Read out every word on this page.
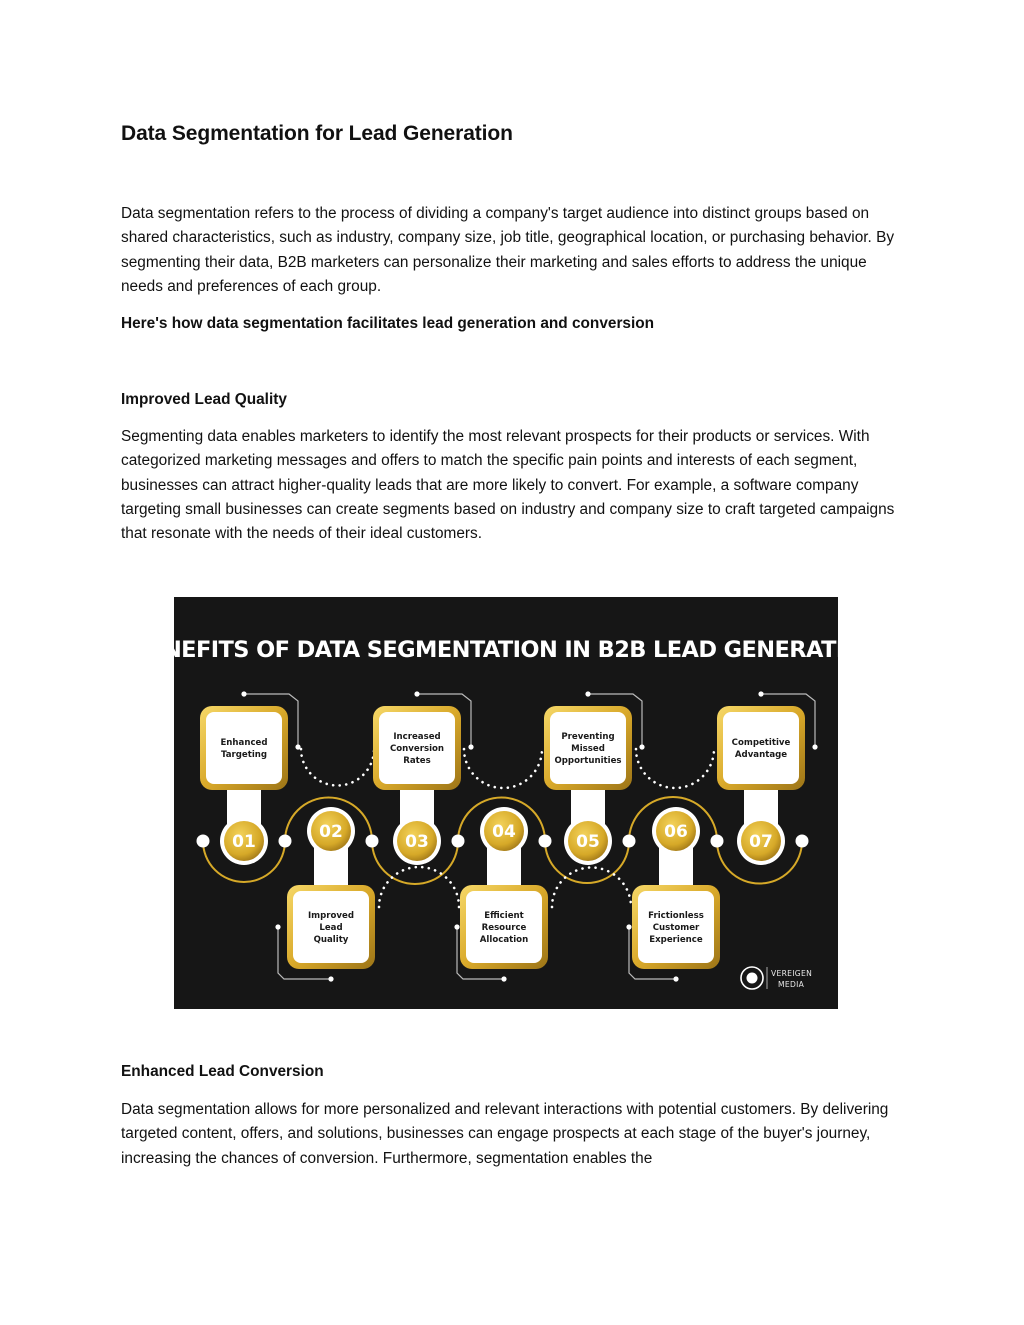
Data Segmentation for Lead Generation

Data segmentation refers to the process of dividing a company's target audience into distinct groups based on shared characteristics, such as industry, company size, job title, geographical location, or purchasing behavior. By segmenting their data, B2B marketers can personalize their marketing and sales efforts to address the unique needs and preferences of each group.

Here's how data segmentation facilitates lead generation and conversion

Improved Lead Quality

Segmenting data enables marketers to identify the most relevant prospects for their products or services. With categorized marketing messages and offers to match the specific pain points and interests of each segment, businesses can attract higher-quality leads that are more likely to convert. For example, a software company targeting small businesses can create segments based on industry and company size to craft targeted campaigns that resonate with the needs of their ideal customers.

BENEFITS OF DATA SEGMENTATION IN B2B LEAD GENERATION
Enhanced
Targeting
01
Improved
Lead
Quality
02
Increased
Conversion
Rates
03
Efficient
Resource
Allocation
04
Preventing
Missed
Opportunities
05
Frictionless
Customer
Experience
06
Competitive
Advantage
07
VEREIGEN
MEDIA

Enhanced Lead Conversion

Data segmentation allows for more personalized and relevant interactions with potential customers. By delivering targeted content, offers, and solutions, businesses can engage prospects at each stage of the buyer's journey, increasing the chances of conversion. Furthermore, segmentation enables the
